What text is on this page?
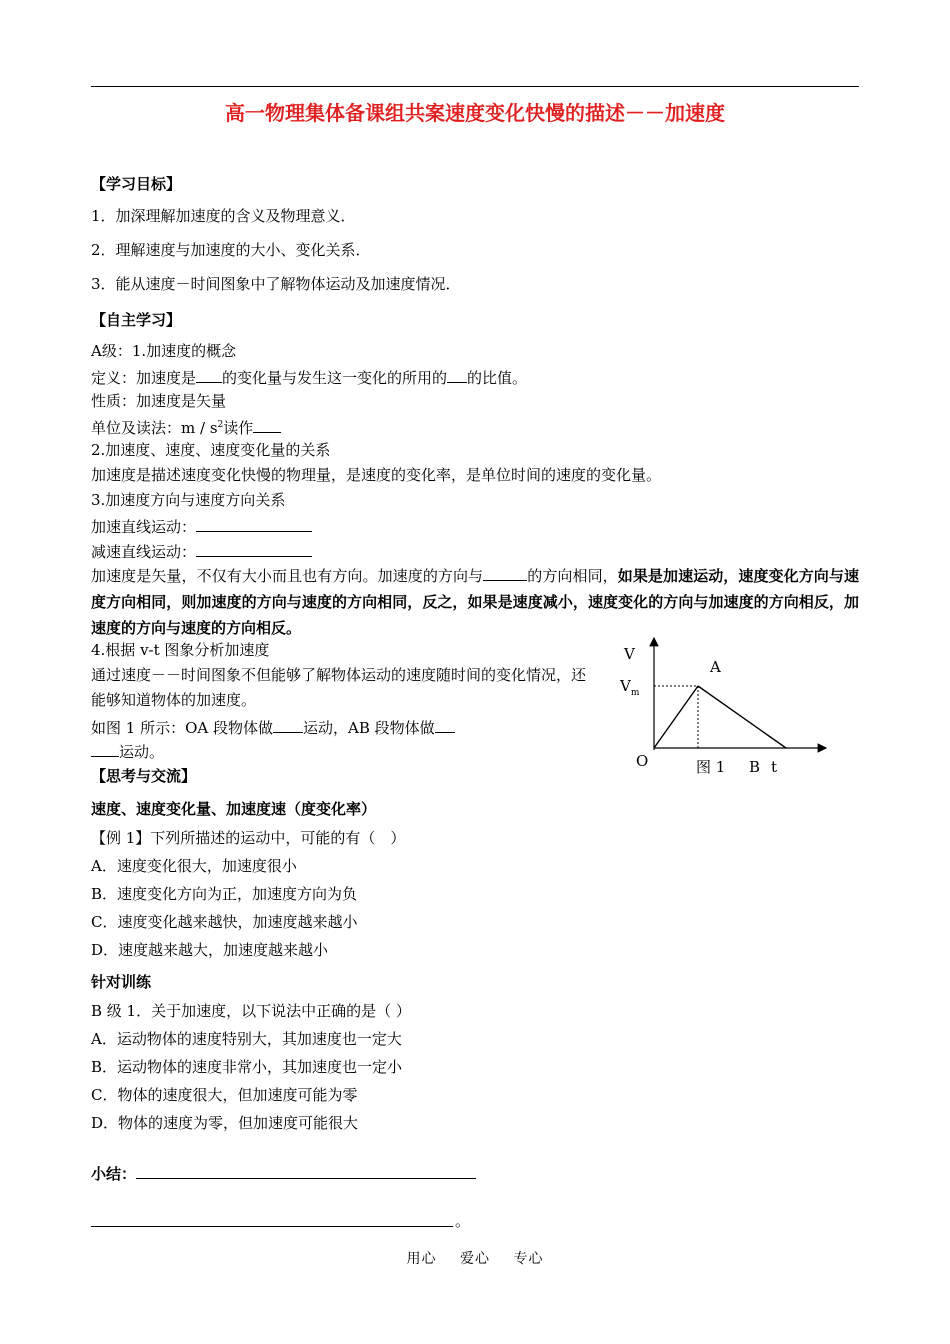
高一物理集体备课组共案速度变化快慢的描述－－加速度
【学习目标】
1．加深理解加速度的含义及物理意义．
2．理解速度与加速度的大小、变化关系．
3．能从速度－时间图象中了解物体运动及加速度情况．
【自主学习】
A级：1.加速度的概念
定义：加速度是 的变化量与发生这一变化的所用的 的比值。
性质：加速度是矢量
单位及读法：m / $s^2$读作
2.加速度、速度、速度变化量的关系
加速度是描述速度变化快慢的物理量，是速度的变化率，是单位时间的速度的变化量。
3.加速度方向与速度方向关系
加速直线运动：
减速直线运动：
加速度是矢量，不仅有大小而且也有方向。加速度的方向与	的方向相同，如果是加速运动，速度变化方向与速度方向相同，则加速度的方向与速度的方向相同，反之，如果是速度减小，速度变化的方向与加速度的方向相反，加速度的方向与速度的方向相反。
4.根据 v-t 图象分析加速度
通过速度－－时间图象不但能够了解物体运动的速度随时间的变化情况，还能够知道物体的加速度。
如图 1 所示：OA 段物体做 运动，AB 段物体做
运动。
V
$V_m$
A
O	图 1 B t
【思考与交流】
速度、速度变化量、加速度速（度变化率）
【例 1】下列所描述的运动中，可能的有（　）
A．速度变化很大，加速度很小
B．速度变化方向为正，加速度方向为负
C．速度变化越来越快，加速度越来越小
D．速度越来越大，加速度越来越小
针对训练
B 级 1．关于加速度，以下说法中正确的是（ ）
A．运动物体的速度特别大，其加速度也一定大
B．运动物体的速度非常小，其加速度也一定小
C．物体的速度很大，但加速度可能为零
D．物体的速度为零，但加速度可能很大
小结：
。
用心 爱心 专心
